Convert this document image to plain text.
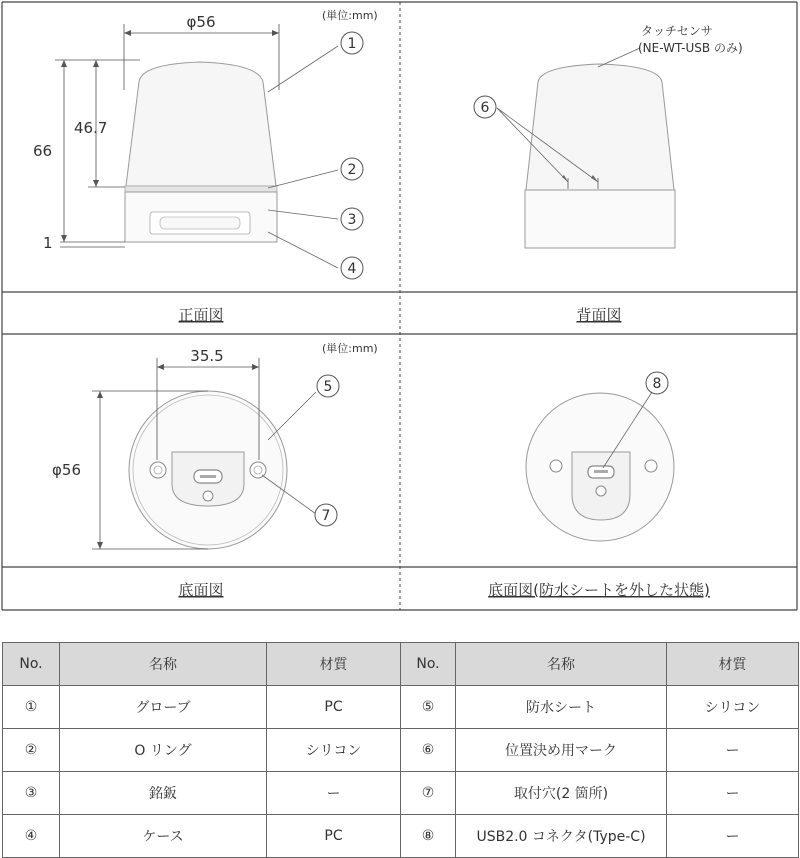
正面図	背面図
底面図	底面図(防水シートを外した状態)
(単位:mm)
φ56
66
46.7
1
1
2
3
4
6
タッチセンサ
(NE-WT-USB のみ)
(単位:mm)
35.5
φ56
5
7
8
No.	名称	材質	No.	名称	材質
①	グローブ	PC	⑤	防水シート	シリコン
②	O リング	シリコン	⑥	位置決め用マーク	ー
③	銘鈑	ー	⑦	取付穴(2 箇所)	ー
④	ケース	PC	⑧	USB2.0 コネクタ(Type-C)	ー
